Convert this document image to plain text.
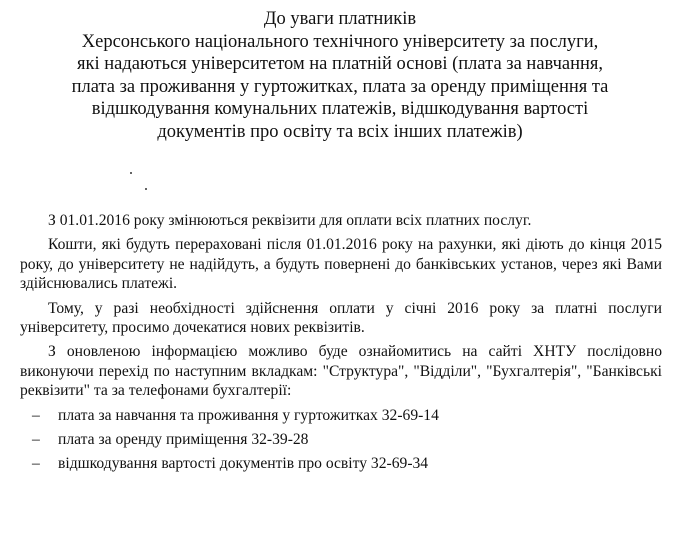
До уваги платників
Херсонського національного технічного університету за послуги,
які надаються університетом на платній основі (плата за навчання,
плата за проживання у гуртожитках, плата за оренду приміщення та
відшкодування комунальних платежів, відшкодування вартості
документів про освіту та всіх інших платежів)

З 01.01.2016 року змінюються реквізити для оплати всіх платних послуг.

Кошти, які будуть перераховані після 01.01.2016 року на рахунки, які діють до кінця 2015 року, до університету не надійдуть, а будуть повернені до банківських установ, через які Вами здійснювались платежі.

Тому, у разі необхідності здійснення оплати у січні 2016 року за платні послуги університету, просимо дочекатися нових реквізитів.

З оновленою інформацією можливо буде ознайомитись на сайті ХНТУ послідовно виконуючи перехід по наступним вкладкам: "Структура", "Відділи", "Бухгалтерія", "Банківські реквізити" та за телефонами бухгалтерії:

– плата за навчання та проживання у гуртожитках 32-69-14
– плата за оренду приміщення 32-39-28
– відшкодування вартості документів про освіту 32-69-34
